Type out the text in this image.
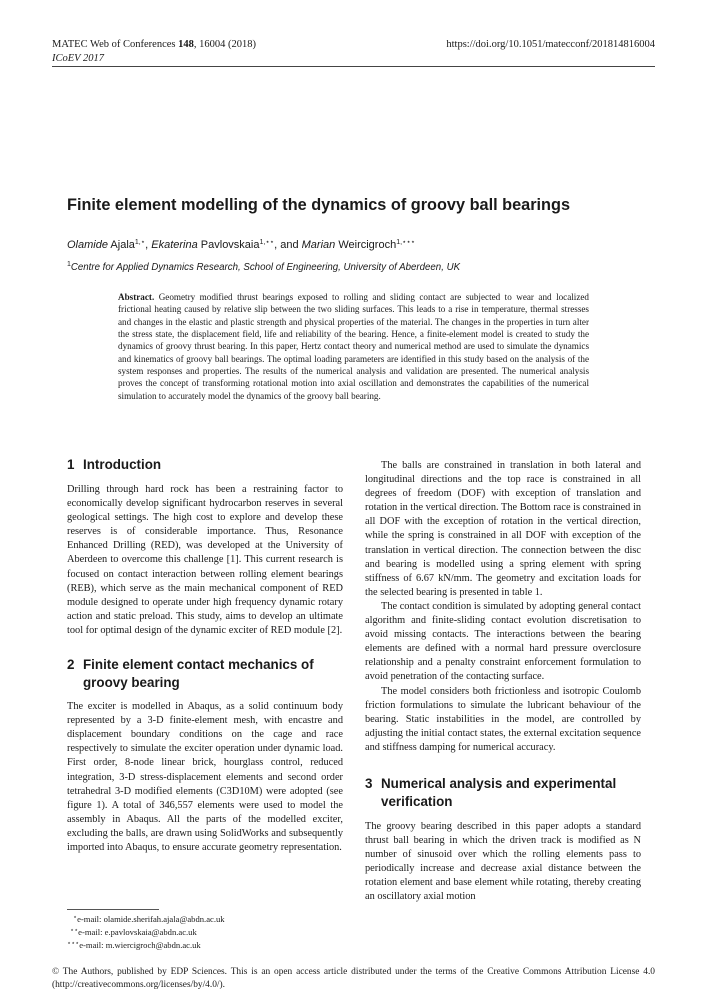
MATEC Web of Conferences 148, 16004 (2018)	https://doi.org/10.1051/matecconf/201814816004
ICoEV 2017
Finite element modelling of the dynamics of groovy ball bearings
Olamide Ajala$^{1,⋆}$, Ekaterina Pavlovskaia$^{1,⋆⋆}$, and Marian Weircigroch$^{1,⋆⋆⋆}$
$^1$Centre for Applied Dynamics Research, School of Engineering, University of Aberdeen, UK
Abstract. Geometry modified thrust bearings exposed to rolling and sliding contact are subjected to wear and localized frictional heating caused by relative slip between the two sliding surfaces. This leads to a rise in temperature, thermal stresses and changes in the elastic and plastic strength and physical properties of the material. The changes in the properties in turn alter the stress state, the displacement field, life and reliability of the bearing. Hence, a finite-element model is created to study the dynamics of groovy thrust bearing. In this paper, Hertz contact theory and numerical method are used to simulate the dynamics and kinematics of groovy ball bearings. The optimal loading parameters are identified in this study based on the analysis of the system responses and properties. The results of the numerical analysis and validation are presented. The numerical analysis proves the concept of transforming rotational motion into axial oscillation and demonstrates the capabilities of the numerical simulation to accurately model the dynamics of the groovy ball bearing.
1 Introduction

Drilling through hard rock has been a restraining factor to economically develop significant hydrocarbon reserves in several geological settings. The high cost to explore and develop these reserves is of considerable importance. Thus, Resonance Enhanced Drilling (RED), was developed at the University of Aberdeen to overcome this challenge [1]. This current research is focused on contact interaction between rolling element bearings (REB), which serve as the main mechanical component of RED module designed to operate under high frequency dynamic rotary action and static preload. This study, aims to develop an ultimate tool for optimal design of the dynamic exciter of RED module [2].

2 Finite element contact mechanics of
groovy bearing

The exciter is modelled in Abaqus, as a solid continuum body represented by a 3-D finite-element mesh, with encastre and displacement boundary conditions on the cage and race respectively to simulate the exciter operation under dynamic load. First order, 8-node linear brick, hourglass control, reduced integration, 3-D stress-displacement elements and second order tetrahedral 3-D modified elements (C3D10M) were adopted (see figure 1). A total of 346,557 elements were used to model the assembly in Abaqus. All the parts of the modelled exciter, excluding the balls, are drawn using SolidWorks and subsequently imported into Abaqus, to ensure accurate geometry representation.

The balls are constrained in translation in both lateral and longitudinal directions and the top race is constrained in all degrees of freedom (DOF) with exception of translation and rotation in the vertical direction. The Bottom race is constrained in all DOF with the exception of rotation in the vertical direction, while the spring is constrained in all DOF with exception of the translation in vertical direction. The connection between the disc and bearing is modelled using a spring element with spring stiffness of 6.67 kN/mm. The geometry and excitation loads for the selected bearing is presented in table 1.

The contact condition is simulated by adopting general contact algorithm and finite-sliding contact evolution discretisation to avoid missing contacts. The interactions between the bearing elements are defined with a normal hard pressure overclosure relationship and a penalty constraint enforcement formulation to avoid penetration of the contacting surface.

The model considers both frictionless and isotropic Coulomb friction formulations to simulate the lubricant behaviour of the bearing. Static instabilities in the model, are controlled by adjusting the initial contact states, the external excitation sequence and stiffness damping for numerical accuracy.

3 Numerical analysis and experimental
verification

The groovy bearing described in this paper adopts a standard thrust ball bearing in which the driven track is modified as N number of sinusoid over which the rolling elements pass to periodically increase and decrease axial distance between the rotation element and base element while rotating, thereby creating an oscillatory axial motion

⋆e-mail: olamide.sherifah.ajala@abdn.ac.uk
⋆⋆e-mail: e.pavlovskaia@abdn.ac.uk
⋆⋆⋆e-mail: m.wiercigroch@abdn.ac.uk
© The Authors, published by EDP Sciences. This is an open access article distributed under the terms of the Creative Commons Attribution License 4.0 (http://creativecommons.org/licenses/by/4.0/).
